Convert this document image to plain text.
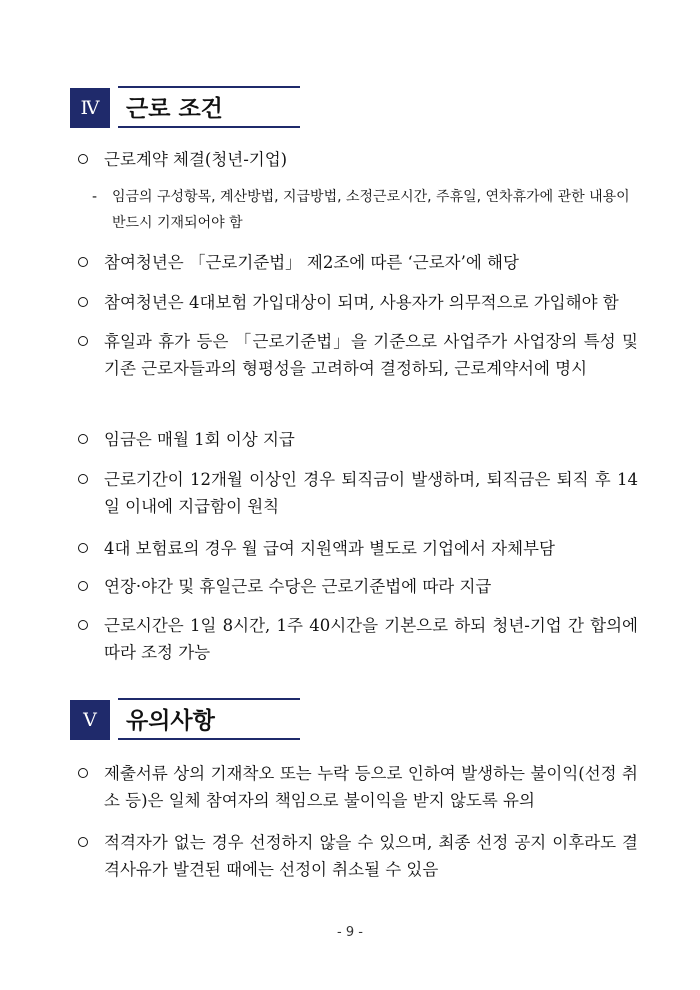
Ⅳ	근로 조건
근로계약 체결(청년-기업)
- 임금의 구성항목, 계산방법, 지급방법, 소정근로시간, 주휴일, 연차휴가에 관한 내용이 반드시 기재되어야 함
참여청년은 「근로기준법」 제2조에 따른 ‘근로자’에 해당
참여청년은 4대보험 가입대상이 되며, 사용자가 의무적으로 가입해야 함
휴일과 휴가 등은 「근로기준법」을 기준으로 사업주가 사업장의 특성 및 기존 근로자들과의 형평성을 고려하여 결정하되, 근로계약서에 명시
임금은 매월 1회 이상 지급
근로기간이 12개월 이상인 경우 퇴직금이 발생하며, 퇴직금은 퇴직 후 14일 이내에 지급함이 원칙
4대 보험료의 경우 월 급여 지원액과 별도로 기업에서 자체부담
연장·야간 및 휴일근로 수당은 근로기준법에 따라 지급
근로시간은 1일 8시간, 1주 40시간을 기본으로 하되 청년-기업 간 합의에 따라 조정 가능
Ⅴ	유의사항
제출서류 상의 기재착오 또는 누락 등으로 인하여 발생하는 불이익(선정 취소 등)은 일체 참여자의 책임으로 불이익을 받지 않도록 유의
적격자가 없는 경우 선정하지 않을 수 있으며, 최종 선정 공지 이후라도 결격사유가 발견된 때에는 선정이 취소될 수 있음
- 9 -
